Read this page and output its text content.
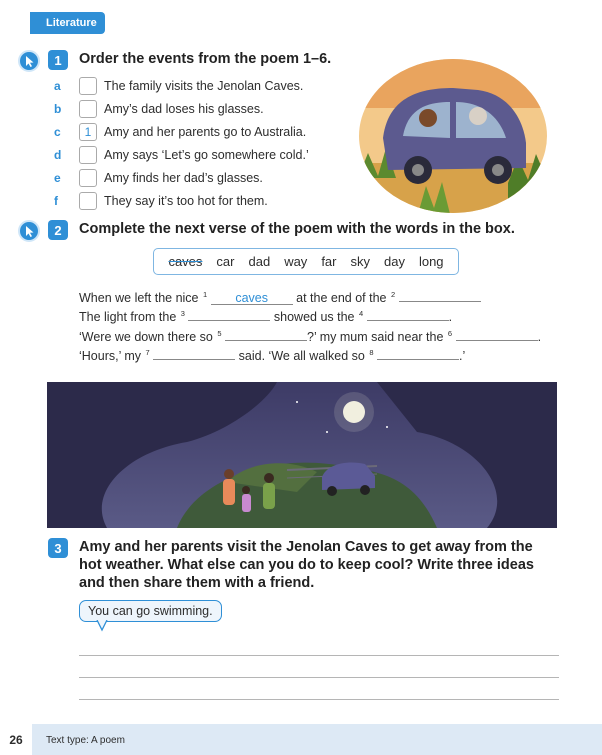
Literature
1	Order the events from the poem 1–6.
a	The family visits the Jenolan Caves.
b	Amy’s dad loses his glasses.
c	1	Amy and her parents go to Australia.
d	Amy says ‘Let’s go somewhere cold.’
e	Amy finds her dad’s glasses.
f	They say it’s too hot for them.
2	Complete the next verse of the poem with the words in the box.
caves car dad way far sky day long
When we left the nice $^1$ caves at the end of the $^2$
The light from the $^3$	showed us the $^4$	.
‘Were we down there so $^5$	?’ my mum said near the $^6$	.
‘Hours,’ my $^7$	said. ‘We all walked so $^8$	.’
3	Amy and her parents visit the Jenolan Caves to get away from the
hot weather. What else can you do to keep cool? Write three ideas
and then share them with a friend.
You can go swimming.
26	Text type: A poem
